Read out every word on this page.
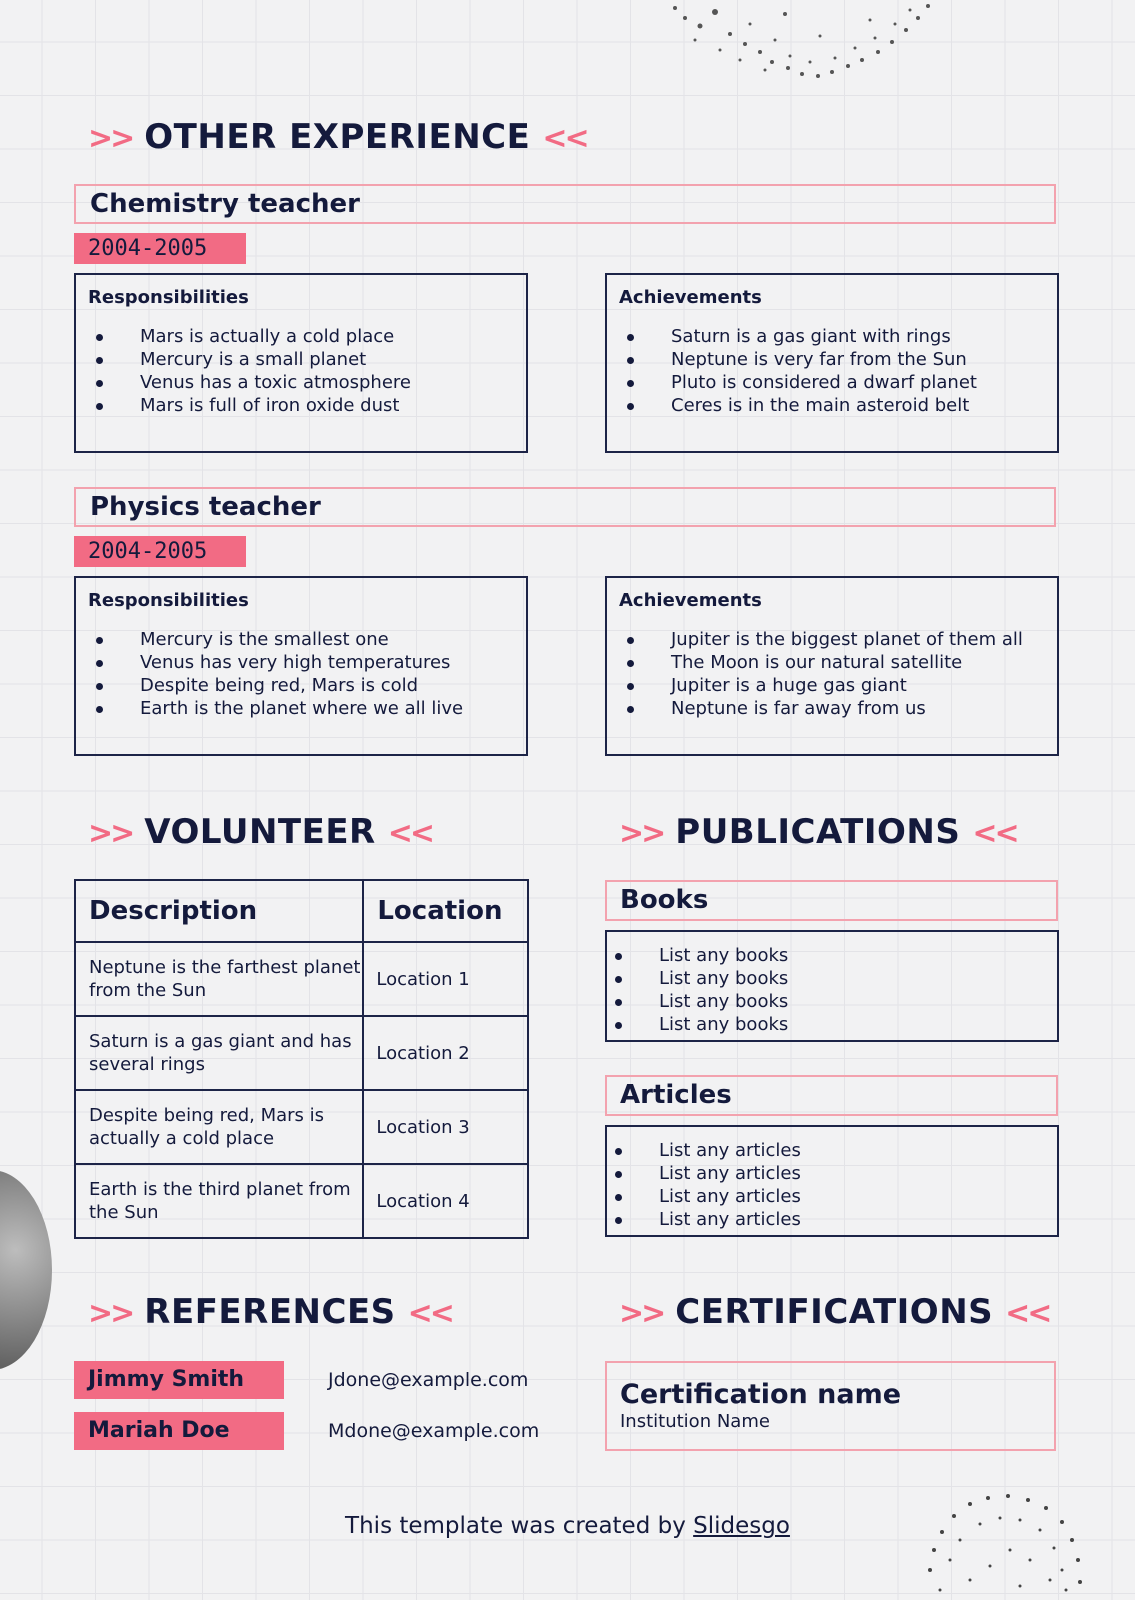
>> OTHER EXPERIENCE <<
Chemistry teacher
2004-2005
Responsibilities
Mars is actually a cold place
Mercury is a small planet
Venus has a toxic atmosphere
Mars is full of iron oxide dust
Achievements
Saturn is a gas giant with rings
Neptune is very far from the Sun
Pluto is considered a dwarf planet
Ceres is in the main asteroid belt
Physics teacher
2004-2005
Responsibilities
Mercury is the smallest one
Venus has very high temperatures
Despite being red, Mars is cold
Earth is the planet where we all live
Achievements
Jupiter is the biggest planet of them all
The Moon is our natural satellite
Jupiter is a huge gas giant
Neptune is far away from us
>> VOLUNTEER <<
Description	Location
Neptune is the farthest planet from the Sun	Location 1
Saturn is a gas giant and has several rings	Location 2
Despite being red, Mars is actually a cold place	Location 3
Earth is the third planet from the Sun	Location 4
>> PUBLICATIONS <<
Books
List any books
List any books
List any books
List any books
Articles
List any articles
List any articles
List any articles
List any articles
>> REFERENCES <<
Jimmy Smith	Jdone@example.com
Mariah Doe	Mdone@example.com
>> CERTIFICATIONS <<
Certification name
Institution Name
This template was created by Slidesgo
